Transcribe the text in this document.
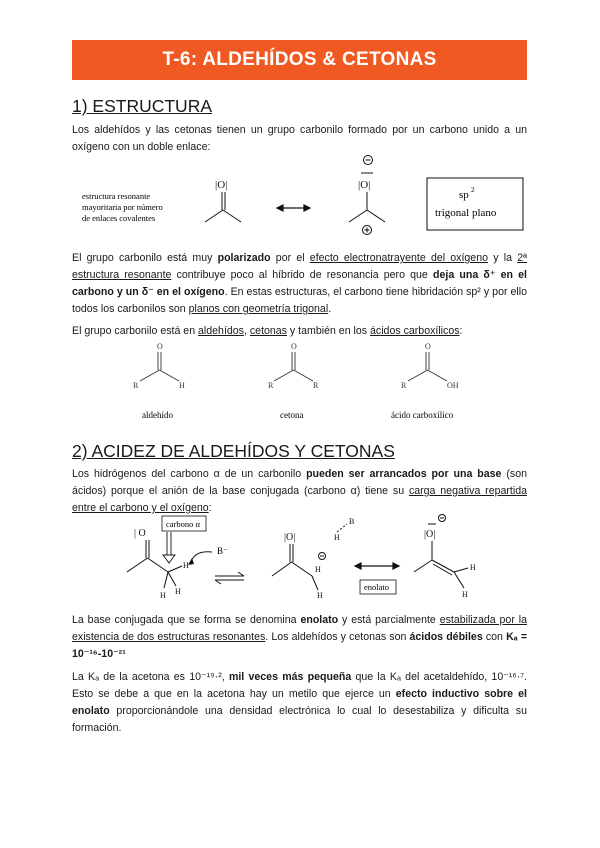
T-6: ALDEHÍDOS & CETONAS
1) ESTRUCTURA
Los aldehídos y las cetonas tienen un grupo carbonilo formado por un carbono unido a un oxígeno con un doble enlace:
estructura resonante
mayoritaria por número
de enlaces covalentes
|O|	|O|
sp 2
trigonal plano
El grupo carbonilo está muy polarizado por el efecto electronatrayente del oxígeno y la 2ª estructura resonante contribuye poco al híbrido de resonancia pero que deja una δ⁺ en el carbono y un δ⁻ en el oxígeno. En estas estructuras, el carbono tiene hibridación sp² y por ello todos los carbonilos son planos con geometría trigonal.
El grupo carbonilo está en aldehídos, cetonas y también en los ácidos carboxílicos:
O
R	H
O
R	R
O
R	OH
aldehído	cetona	ácido carboxílico
2) ACIDEZ DE ALDEHÍDOS Y CETONAS
Los hidrógenos del carbono α de un carbonilo pueden ser arrancados por una base (son ácidos) porque el anión de la base conjugada (carbono α) tiene su carga negativa repartida entre el carbono y el oxígeno:
| O
H
H
H
carbono α
B⁻
|O|
H
H
H
B
enolato
|O|
H
H
La base conjugada que se forma se denomina enolato y está parcialmente estabilizada por la existencia de dos estructuras resonantes. Los aldehídos y cetonas son ácidos débiles con Kₐ = 10⁻¹⁶-10⁻²¹
La Kₐ de la acetona es 10⁻¹⁹·², mil veces más pequeña que la Kₐ del acetaldehído, 10⁻¹⁶·⁷. Esto se debe a que en la acetona hay un metilo que ejerce un efecto inductivo sobre el enolato proporcionándole una densidad electrónica lo cual lo desestabiliza y dificulta su formación.
